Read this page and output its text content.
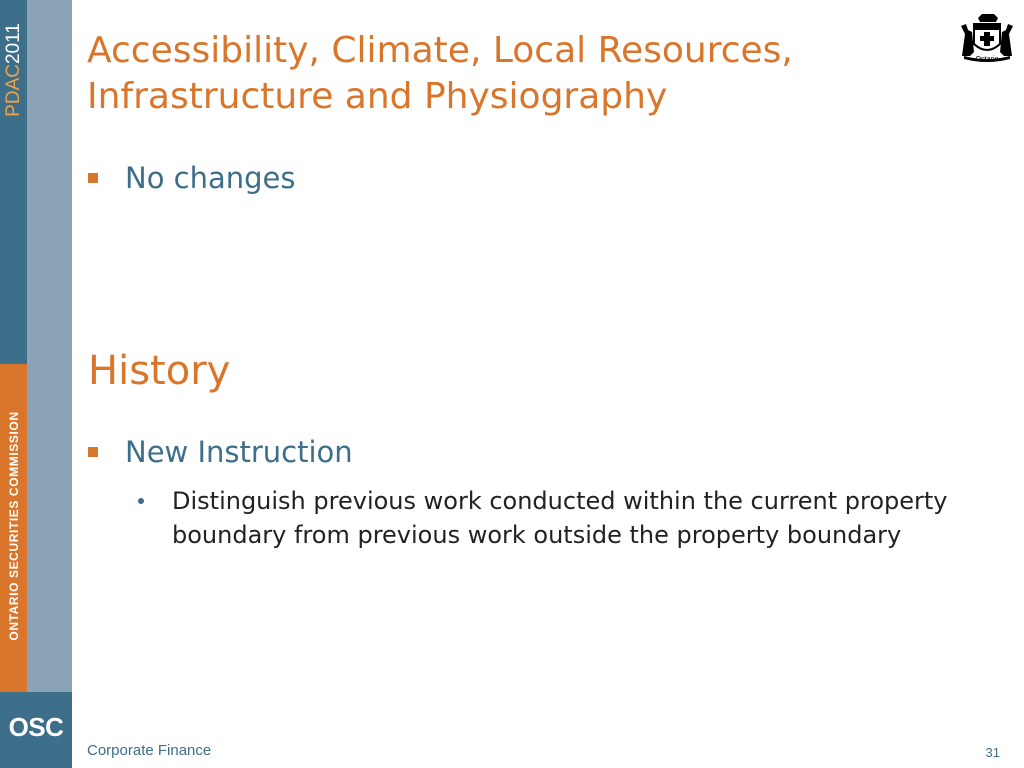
OSC
PDAC2011
ONTARIO SECURITIES COMMISSION
Ontario
Accessibility, Climate, Local Resources, Infrastructure and Physiography
No changes
History
New Instruction
Distinguish previous work conducted within the current property boundary from previous work outside the property boundary
Corporate Finance	31
